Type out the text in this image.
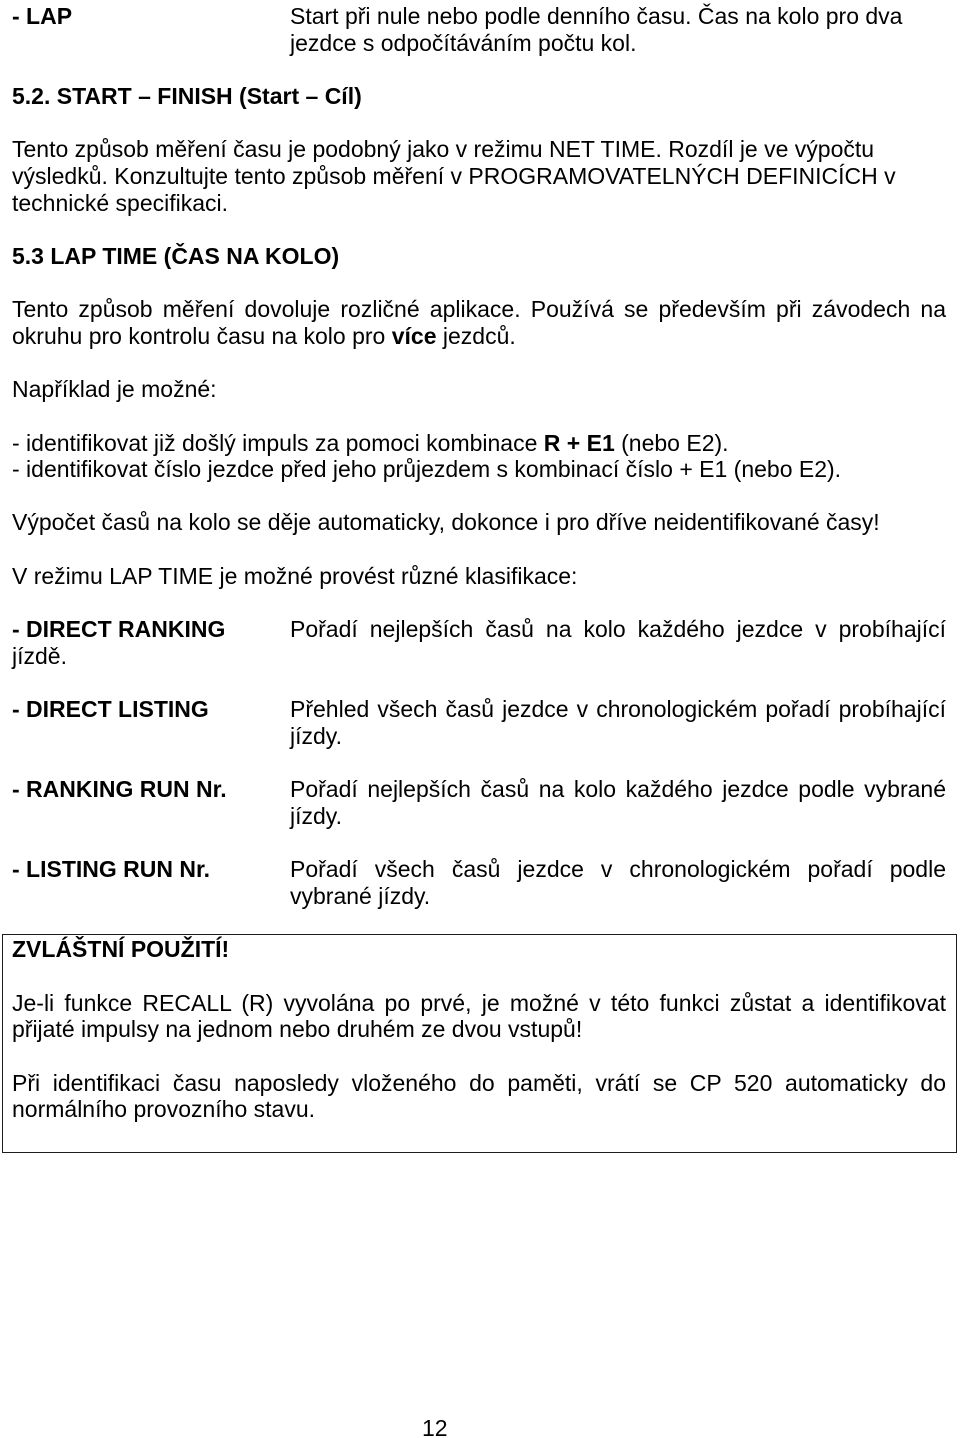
- LAP	Start při nule nebo podle denního času. Čas na kolo pro dva jezdce s odpočítáváním počtu kol.
5.2. START – FINISH (Start – Cíl)
Tento způsob měření času je podobný jako v režimu NET TIME. Rozdíl je ve výpočtu výsledků. Konzultujte tento způsob měření v PROGRAMOVATELNÝCH DEFINICÍCH v technické specifikaci.
5.3 LAP TIME (ČAS NA KOLO)
Tento způsob měření dovoluje rozličné aplikace. Používá se především při závodech na okruhu pro kontrolu času na kolo pro více jezdců.
Například je možné:
- identifikovat již došlý impuls za pomoci kombinace R + E1 (nebo E2).
- identifikovat číslo jezdce před jeho průjezdem s kombinací číslo + E1 (nebo E2).
Výpočet časů na kolo se děje automaticky, dokonce i pro dříve neidentifikované časy!
V režimu LAP TIME je možné provést různé klasifikace:
- DIRECT RANKING	Pořadí nejlepších časů na kolo každého jezdce v probíhající jízdě.
- DIRECT LISTING	Přehled všech časů jezdce v chronologickém pořadí probíhající jízdy.
- RANKING RUN Nr.	Pořadí nejlepších časů na kolo každého jezdce podle vybrané jízdy.
- LISTING RUN Nr.	Pořadí všech časů jezdce v chronologickém pořadí podle vybrané jízdy.
ZVLÁŠTNÍ POUŽITÍ!
Je-li funkce RECALL (R) vyvolána po prvé, je možné v této funkci zůstat a identifikovat přijaté impulsy na jednom nebo druhém ze dvou vstupů!
Při identifikaci času naposledy vloženého do paměti, vrátí se CP 520 automaticky do normálního provozního stavu.
12
